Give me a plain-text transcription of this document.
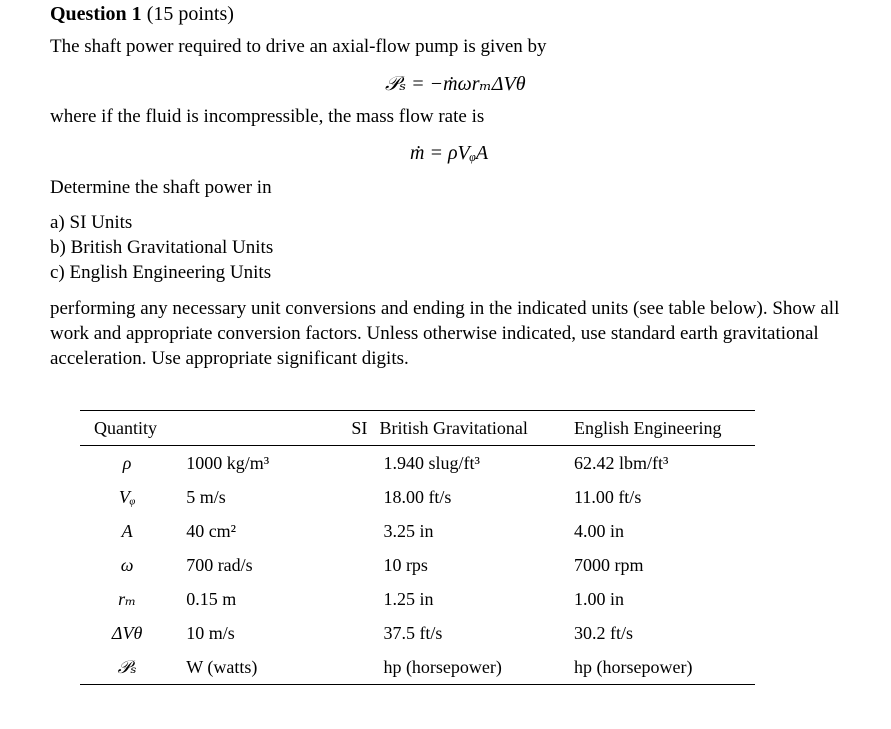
Question 1 (15 points)
The shaft power required to drive an axial-flow pump is given by
𝒫ₛ = −ṁωrₘΔVθ
where if the fluid is incompressible, the mass flow rate is
ṁ = ρVᵩA
Determine the shaft power in
a) SI Units
b) British Gravitational Units
c) English Engineering Units
performing any necessary unit conversions and ending in the indicated units (see table below). Show all work and appropriate conversion factors. Unless otherwise indicated, use standard earth gravitational acceleration. Use appropriate significant digits.
Quantity	SI	British Gravitational	English Engineering
ρ	1000 kg/m³	1.940 slug/ft³	62.42 lbm/ft³
Vᵩ	5 m/s	18.00 ft/s	11.00 ft/s
A	40 cm²	3.25 in	4.00 in
ω	700 rad/s	10 rps	7000 rpm
rₘ	0.15 m	1.25 in	1.00 in
ΔVθ	10 m/s	37.5 ft/s	30.2 ft/s
𝒫ₛ	W (watts)	hp (horsepower)	hp (horsepower)
